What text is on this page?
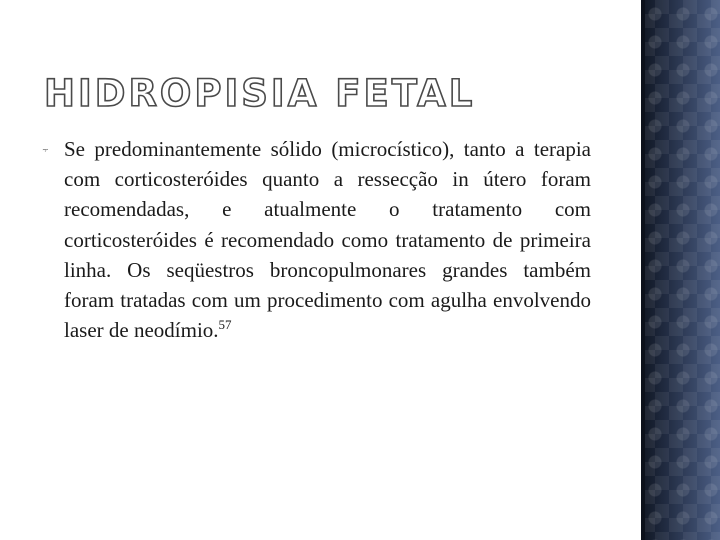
HIDROPISIA FETAL
⸟ Se predominantemente sólido (microcístico), tanto a terapia com corticosteróides quanto a ressecção in útero foram recomendadas, e atualmente o tratamento com corticosteróides é recomendado como tratamento de primeira linha. Os seqüestros broncopulmonares grandes também foram tratadas com um procedimento com agulha envolvendo laser de neodímio.$^{57}$
